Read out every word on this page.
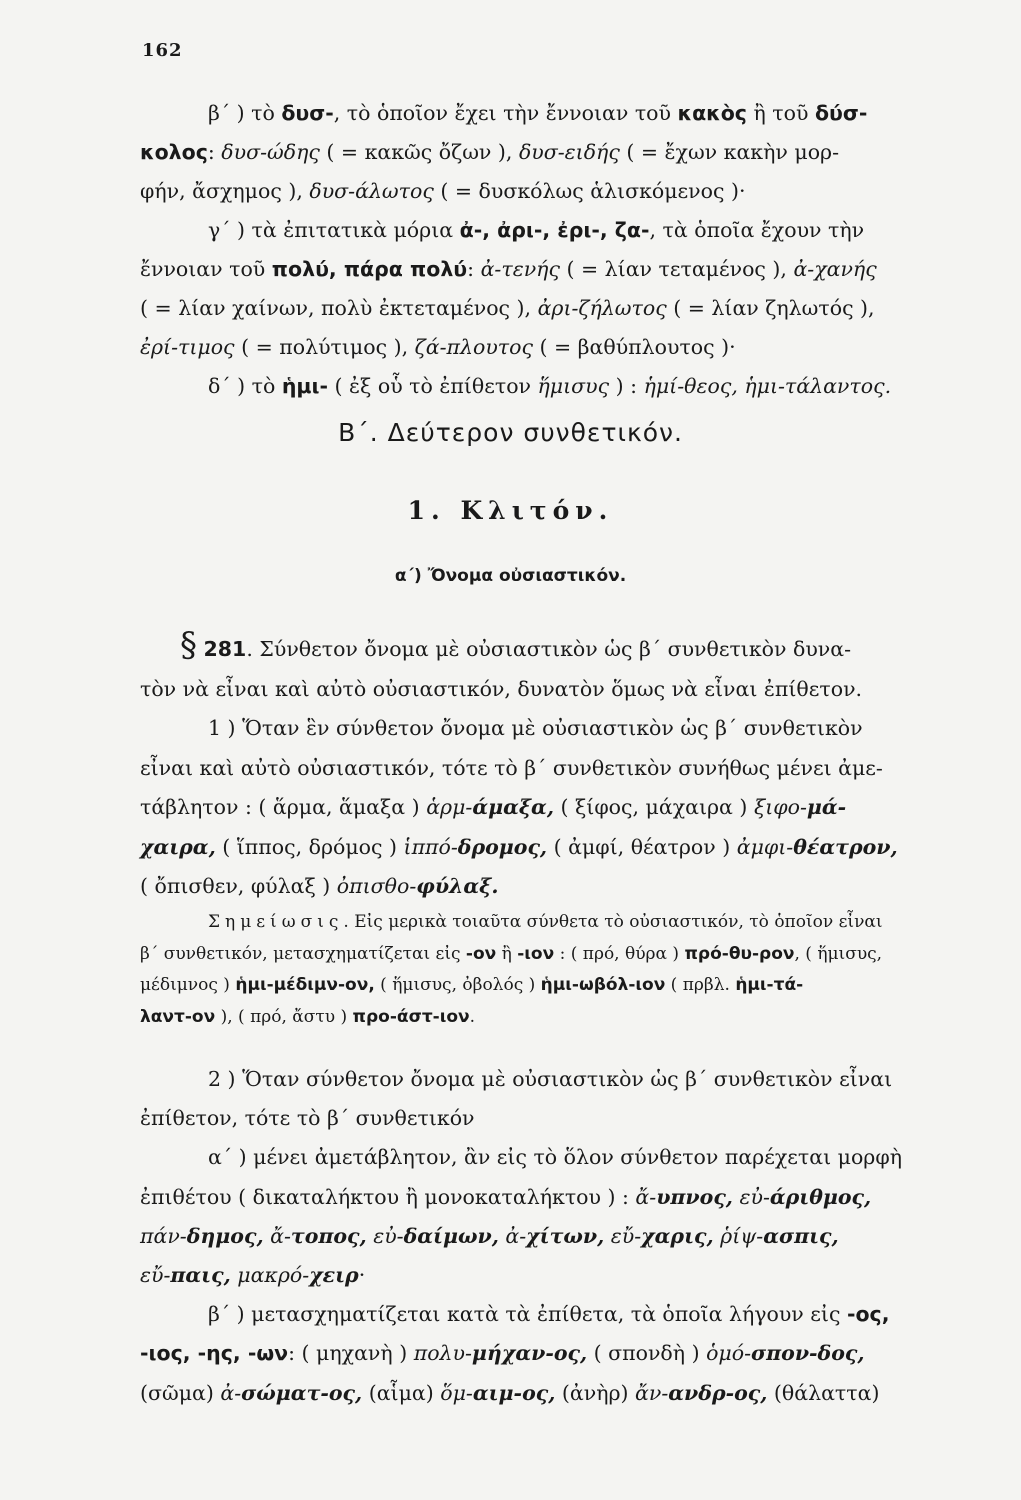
162
β΄ ) τὸ δυσ-, τὸ ὁποῖον ἔχει τὴν ἔννοιαν τοῦ κακὸς ἢ τοῦ δύσ-
κολος: δυσ-ώδης ( = κακῶς ὄζων ), δυσ-ειδής ( = ἔχων κακὴν μορ-
φήν, ἄσχημος ), δυσ-άλωτος ( = δυσκόλως ἁλισκόμενος )·
γ΄ ) τὰ ἐπιτατικὰ μόρια ἀ-, ἀρι-, ἐρι-, ζα-, τὰ ὁποῖα ἔχουν τὴν
ἔννοιαν τοῦ πολύ, πάρα πολύ: ἀ-τενής ( = λίαν τεταμένος ), ἀ-χανής
( = λίαν χαίνων, πολὺ ἐκτεταμένος ), ἀρι-ζήλωτος ( = λίαν ζηλωτός ),
ἐρί-τιμος ( = πολύτιμος ), ζά-πλουτος ( = βαθύπλουτος )·
δ΄ ) τὸ ἡμι- ( ἐξ οὗ τὸ ἐπίθετον ἥμισυς ) : ἡμί-θεος, ἡμι-τάλαντος.
Β΄. Δεύτερον συνθετικόν.
1. Κλιτόν.
α΄) Ὄνομα οὐσιαστικόν.
§ 281. Σύνθετον ὄνομα μὲ οὐσιαστικὸν ὡς β΄ συνθετικὸν δυνα-
τὸν νὰ εἶναι καὶ αὐτὸ οὐσιαστικόν, δυνατὸν ὅμως νὰ εἶναι ἐπίθετον.
1 ) Ὅταν ἓν σύνθετον ὄνομα μὲ οὐσιαστικὸν ὡς β΄ συνθετικὸν
εἶναι καὶ αὐτὸ οὐσιαστικόν, τότε τὸ β΄ συνθετικὸν συνήθως μένει ἀμε-
τάβλητον : ( ἅρμα, ἅμαξα ) ἁρμ-άμαξα, ( ξίφος, μάχαιρα ) ξιφο-μά-
χαιρα, ( ἵππος, δρόμος ) ἱππό-δρομος, ( ἀμφί, θέατρον ) ἀμφι-θέατρον,
( ὄπισθεν, φύλαξ ) ὀπισθο-φύλαξ.
Σημείωσις. Εἰς μερικὰ τοιαῦτα σύνθετα τὸ οὐσιαστικόν, τὸ ὁποῖον εἶναι
β΄ συνθετικόν, μετασχηματίζεται εἰς -ον ἢ -ιον : ( πρό, θύρα ) πρό-θυ-ρον, ( ἥμισυς,
μέδιμνος ) ἡμι-μέδιμν-ον, ( ἥμισυς, ὀβολός ) ἡμι-ωβόλ-ιον ( πρβλ. ἡμι-τά-
λαντ-ον ), ( πρό, ἄστυ ) προ-άστ-ιον.
2 ) Ὅταν σύνθετον ὄνομα μὲ οὐσιαστικὸν ὡς β΄ συνθετικὸν εἶναι
ἐπίθετον, τότε τὸ β΄ συνθετικόν
α΄ ) μένει ἀμετάβλητον, ἂν εἰς τὸ ὅλον σύνθετον παρέχεται μορφὴ
ἐπιθέτου ( δικαταλήκτου ἢ μονοκαταλήκτου ) : ἄ-υπνος, εὐ-άριθμος,
πάν-δημος, ἄ-τοπος, εὐ-δαίμων, ἀ-χίτων, εὔ-χαρις, ῥίψ-ασπις,
εὔ-παις, μακρό-χειρ·
β΄ ) μετασχηματίζεται κατὰ τὰ ἐπίθετα, τὰ ὁποῖα λήγουν εἰς -ος,
-ιος, -ης, -ων: ( μηχανὴ ) πολυ-μήχαν-ος, ( σπονδὴ ) ὁμό-σπον-δος,
(σῶμα) ἀ-σώματ-ος, (αἷμα) ὅμ-αιμ-ος, (ἀνὴρ) ἄν-ανδρ-ος, (θάλαττα)
